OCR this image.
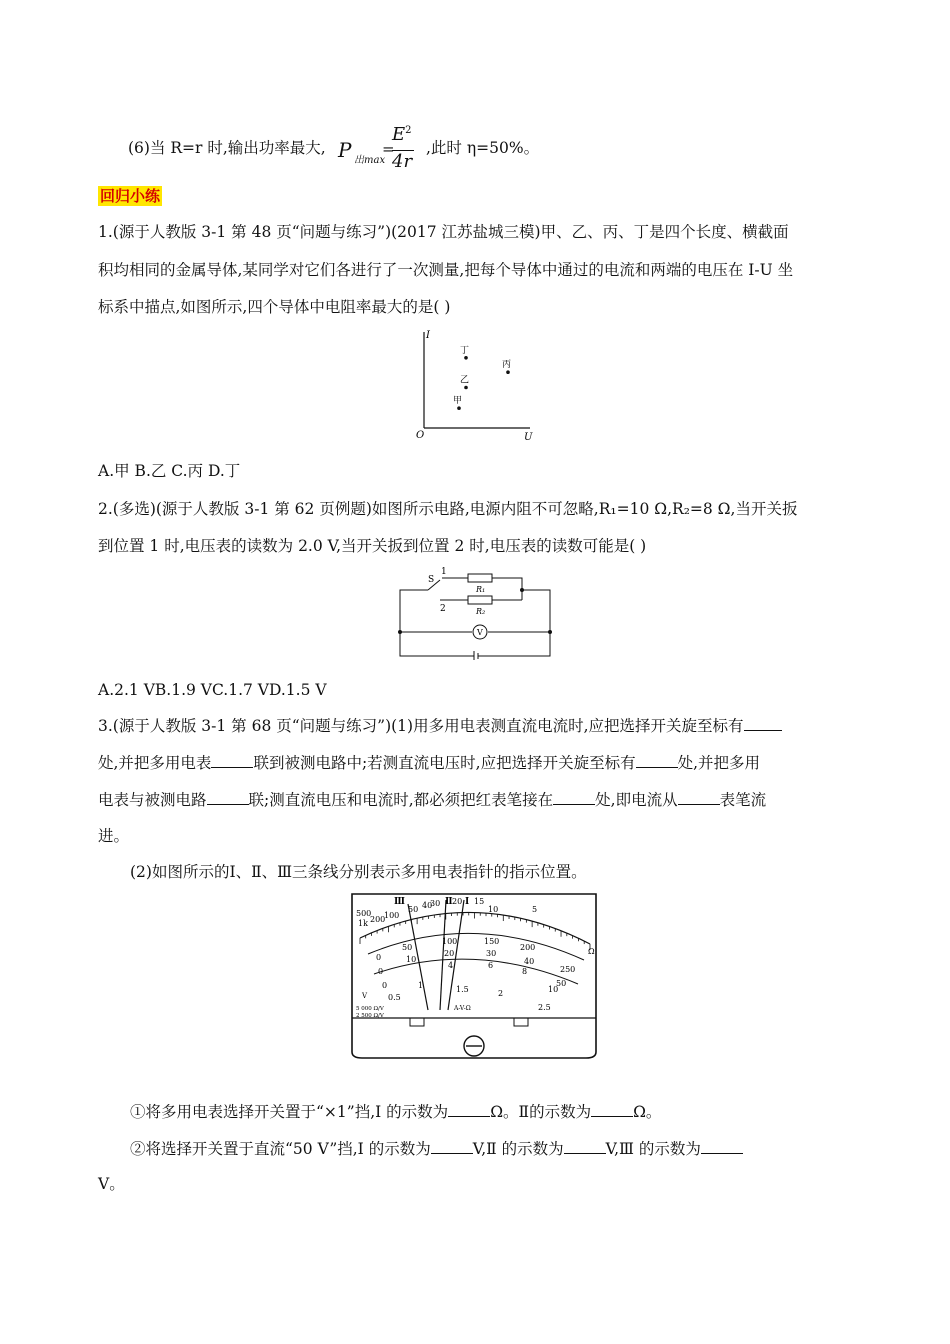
(6)当 R=r 时,输出功率最大, P 出max
=
$E^2$
4r
,此时 η=50%。
回归小练
1.(源于人教版 3-1 第 48 页“问题与练习”)(2017 江苏盐城三模)甲、乙、丙、丁是四个长度、横截面
积均相同的金属导体,某同学对它们各进行了一次测量,把每个导体中通过的电流和两端的电压在 I-U 坐
标系中描点,如图所示,四个导体中电阻率最大的是( )
I
U
O
丁
丙
乙
甲
A.甲 B.乙 C.丙 D.丁
2.(多选)(源于人教版 3-1 第 62 页例题)如图所示电路,电源内阻不可忽略,R₁=10 Ω,R₂=8 Ω,当开关扳
到位置 1 时,电压表的读数为 2.0 V,当开关扳到位置 2 时,电压表的读数可能是( )
S
1
2
R₁
R₂
V
A.2.1 VB.1.9 VC.1.7 VD.1.5 V
3.(源于人教版 3-1 第 68 页“问题与练习”)(1)用多用电表测直流电流时,应把选择开关旋至标有
处,并把多用电表	联到被测电路中;若测直流电压时,应把选择开关旋至标有	处,并把多用
电表与被测电路	联;测直流电压和电流时,都必须把红表笔接在	处,即电流从	表笔流
进。
(2)如图所示的Ⅰ、Ⅱ、Ⅲ三条线分别表示多用电表指针的指示位置。
Ⅲ	Ⅱ Ⅰ
500
1k 200
100
50 40
30 20 15
10	5
Ω
100	150
200
250
50
20	30
40
50
10
4	6
8
10
0
0
0
0.5
1	1.5	2
2.5
V
5 000 Ω/V
2 500 Ω/V
A-V-Ω
①将多用电表选择开关置于“×1”挡,Ⅰ 的示数为	Ω。Ⅱ的示数为	Ω。
②将选择开关置于直流“50 V”挡,Ⅰ 的示数为	V,Ⅱ 的示数为	V,Ⅲ 的示数为
V。
